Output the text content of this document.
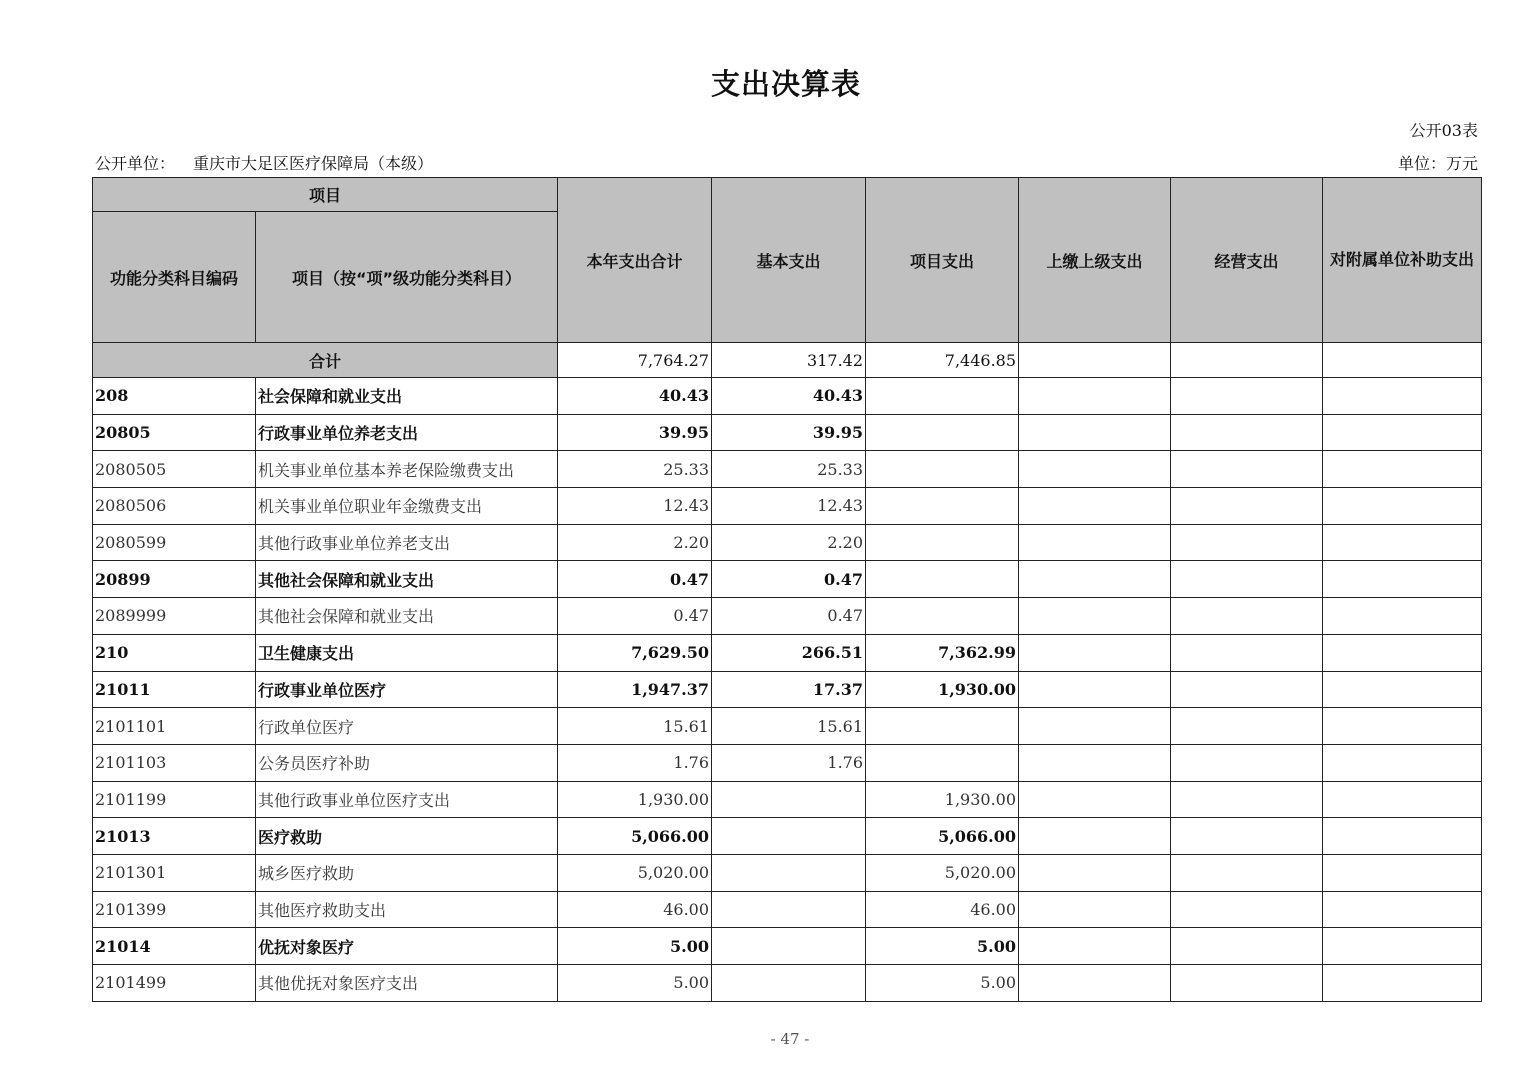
支出决算表
公开03表
公开单位： 重庆市大足区医疗保障局（本级）	单位：万元
项目		本年支出合计	基本支出	项目支出	上缴上级支出	经营支出	对附属单位补助支出
功能分类科目编码	项目（按“项”级功能分类科目）						
合计		7,764.27	317.42	7,446.85			
208	社会保障和就业支出	40.43	40.43				
20805	行政事业单位养老支出	39.95	39.95				
2080505	机关事业单位基本养老保险缴费支出	25.33	25.33				
2080506	机关事业单位职业年金缴费支出	12.43	12.43				
2080599	其他行政事业单位养老支出	2.20	2.20				
20899	其他社会保障和就业支出	0.47	0.47				
2089999	其他社会保障和就业支出	0.47	0.47				
210	卫生健康支出	7,629.50	266.51	7,362.99			
21011	行政事业单位医疗	1,947.37	17.37	1,930.00			
2101101	行政单位医疗	15.61	15.61				
2101103	公务员医疗补助	1.76	1.76				
2101199	其他行政事业单位医疗支出	1,930.00		1,930.00			
21013	医疗救助	5,066.00		5,066.00			
2101301	城乡医疗救助	5,020.00		5,020.00			
2101399	其他医疗救助支出	46.00		46.00			
21014	优抚对象医疗	5.00		5.00			
2101499	其他优抚对象医疗支出	5.00		5.00			
- 47 -
